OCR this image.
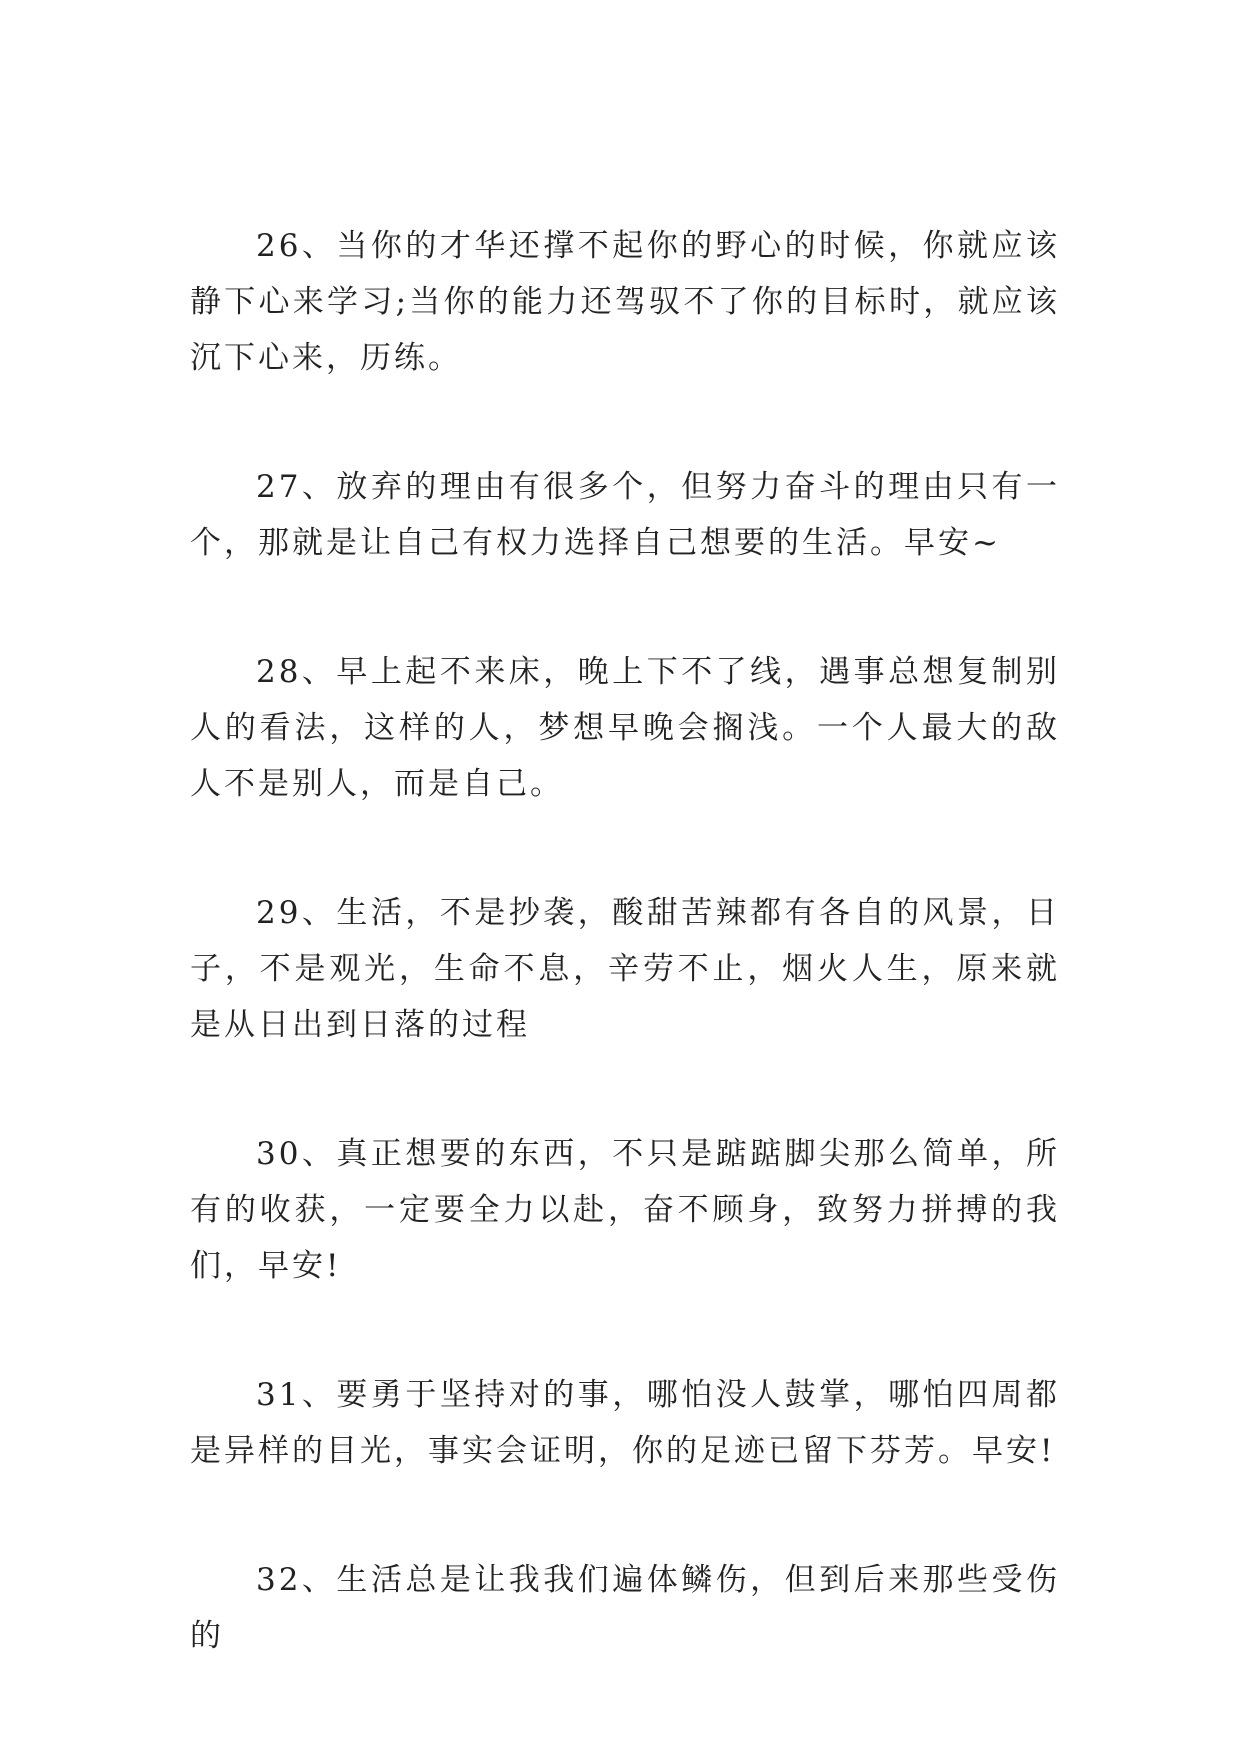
26、当你的才华还撑不起你的野心的时候，你就应该静下心来学习;当你的能力还驾驭不了你的目标时，就应该沉下心来，历练。

27、放弃的理由有很多个，但努力奋斗的理由只有一个，那就是让自己有权力选择自己想要的生活。早安~

28、早上起不来床，晚上下不了线，遇事总想复制别人的看法，这样的人，梦想早晚会搁浅。一个人最大的敌人不是别人，而是自己。

29、生活，不是抄袭，酸甜苦辣都有各自的风景，日子，不是观光，生命不息，辛劳不止，烟火人生，原来就是从日出到日落的过程

30、真正想要的东西，不只是踮踮脚尖那么简单，所有的收获，一定要全力以赴，奋不顾身，致努力拼搏的我们，早安!

31、要勇于坚持对的事，哪怕没人鼓掌，哪怕四周都是异样的目光，事实会证明，你的足迹已留下芬芳。早安!

32、生活总是让我我们遍体鳞伤，但到后来那些受伤的
